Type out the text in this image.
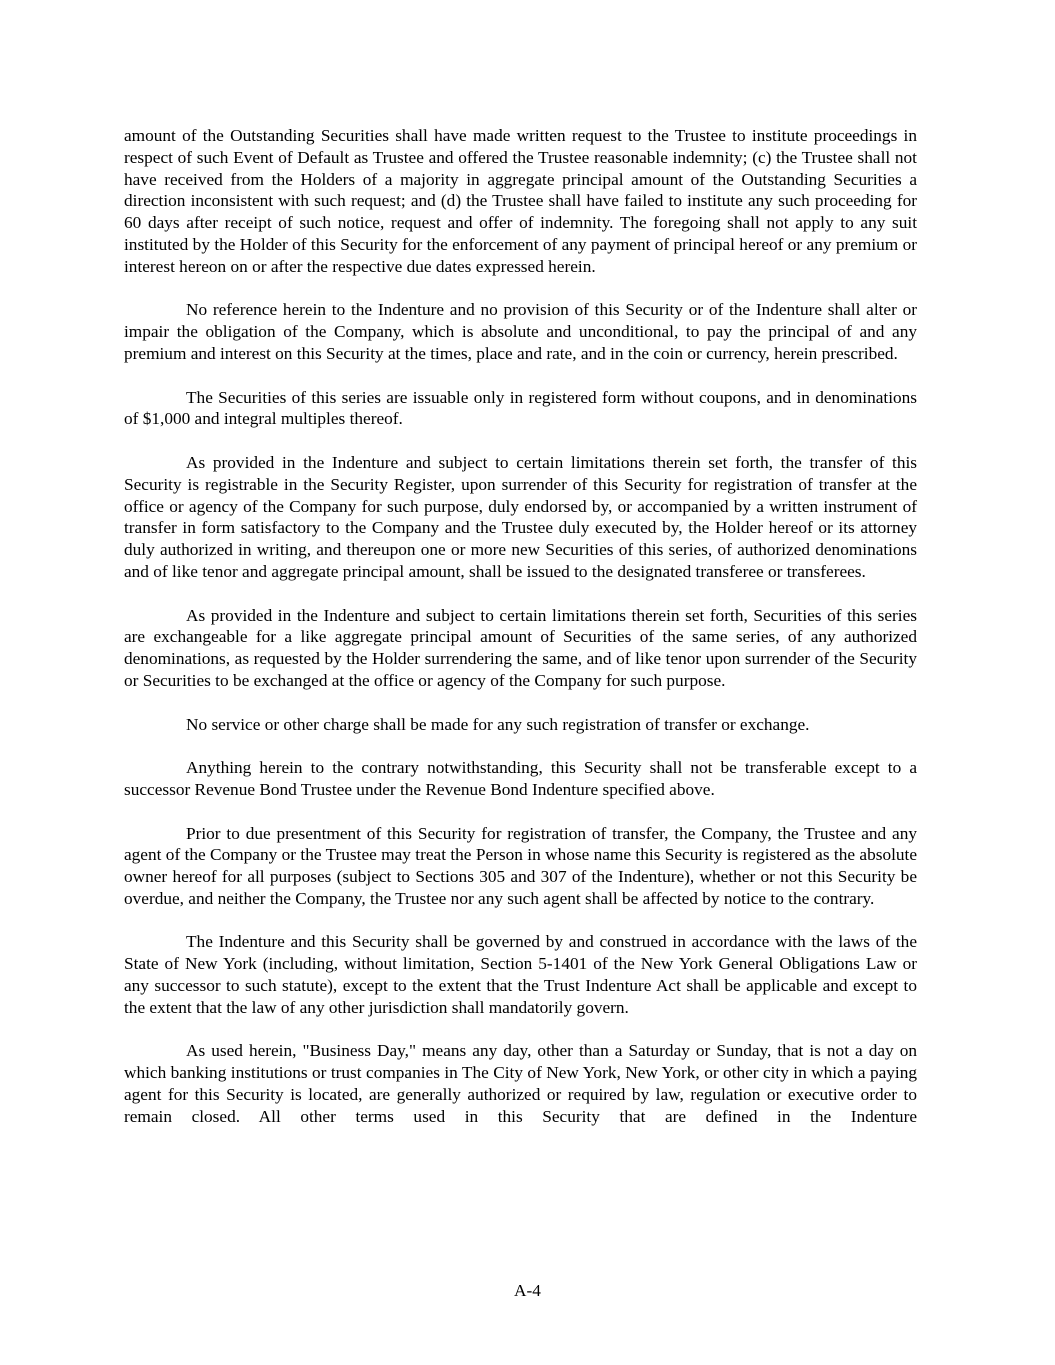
amount of the Outstanding Securities shall have made written request to the Trustee to institute proceedings in respect of such Event of Default as Trustee and offered the Trustee reasonable indemnity; (c) the Trustee shall not have received from the Holders of a majority in aggregate principal amount of the Outstanding Securities a direction inconsistent with such request; and (d) the Trustee shall have failed to institute any such proceeding for 60 days after receipt of such notice, request and offer of indemnity. The foregoing shall not apply to any suit instituted by the Holder of this Security for the enforcement of any payment of principal hereof or any premium or interest hereon on or after the respective due dates expressed herein.

No reference herein to the Indenture and no provision of this Security or of the Indenture shall alter or impair the obligation of the Company, which is absolute and unconditional, to pay the principal of and any premium and interest on this Security at the times, place and rate, and in the coin or currency, herein prescribed.

The Securities of this series are issuable only in registered form without coupons, and in denominations of $1,000 and integral multiples thereof.

As provided in the Indenture and subject to certain limitations therein set forth, the transfer of this Security is registrable in the Security Register, upon surrender of this Security for registration of transfer at the office or agency of the Company for such purpose, duly endorsed by, or accompanied by a written instrument of transfer in form satisfactory to the Company and the Trustee duly executed by, the Holder hereof or its attorney duly authorized in writing, and thereupon one or more new Securities of this series, of authorized denominations and of like tenor and aggregate principal amount, shall be issued to the designated transferee or transferees.

As provided in the Indenture and subject to certain limitations therein set forth, Securities of this series are exchangeable for a like aggregate principal amount of Securities of the same series, of any authorized denominations, as requested by the Holder surrendering the same, and of like tenor upon surrender of the Security or Securities to be exchanged at the office or agency of the Company for such purpose.

No service or other charge shall be made for any such registration of transfer or exchange.

Anything herein to the contrary notwithstanding, this Security shall not be transferable except to a successor Revenue Bond Trustee under the Revenue Bond Indenture specified above.

Prior to due presentment of this Security for registration of transfer, the Company, the Trustee and any agent of the Company or the Trustee may treat the Person in whose name this Security is registered as the absolute owner hereof for all purposes (subject to Sections 305 and 307 of the Indenture), whether or not this Security be overdue, and neither the Company, the Trustee nor any such agent shall be affected by notice to the contrary.

The Indenture and this Security shall be governed by and construed in accordance with the laws of the State of New York (including, without limitation, Section 5-1401 of the New York General Obligations Law or any successor to such statute), except to the extent that the Trust Indenture Act shall be applicable and except to the extent that the law of any other jurisdiction shall mandatorily govern.

As used herein, "Business Day," means any day, other than a Saturday or Sunday, that is not a day on which banking institutions or trust companies in The City of New York, New York, or other city in which a paying agent for this Security is located, are generally authorized or required by law, regulation or executive order to remain closed. All other terms used in this Security that are defined in the Indenture

A-4
